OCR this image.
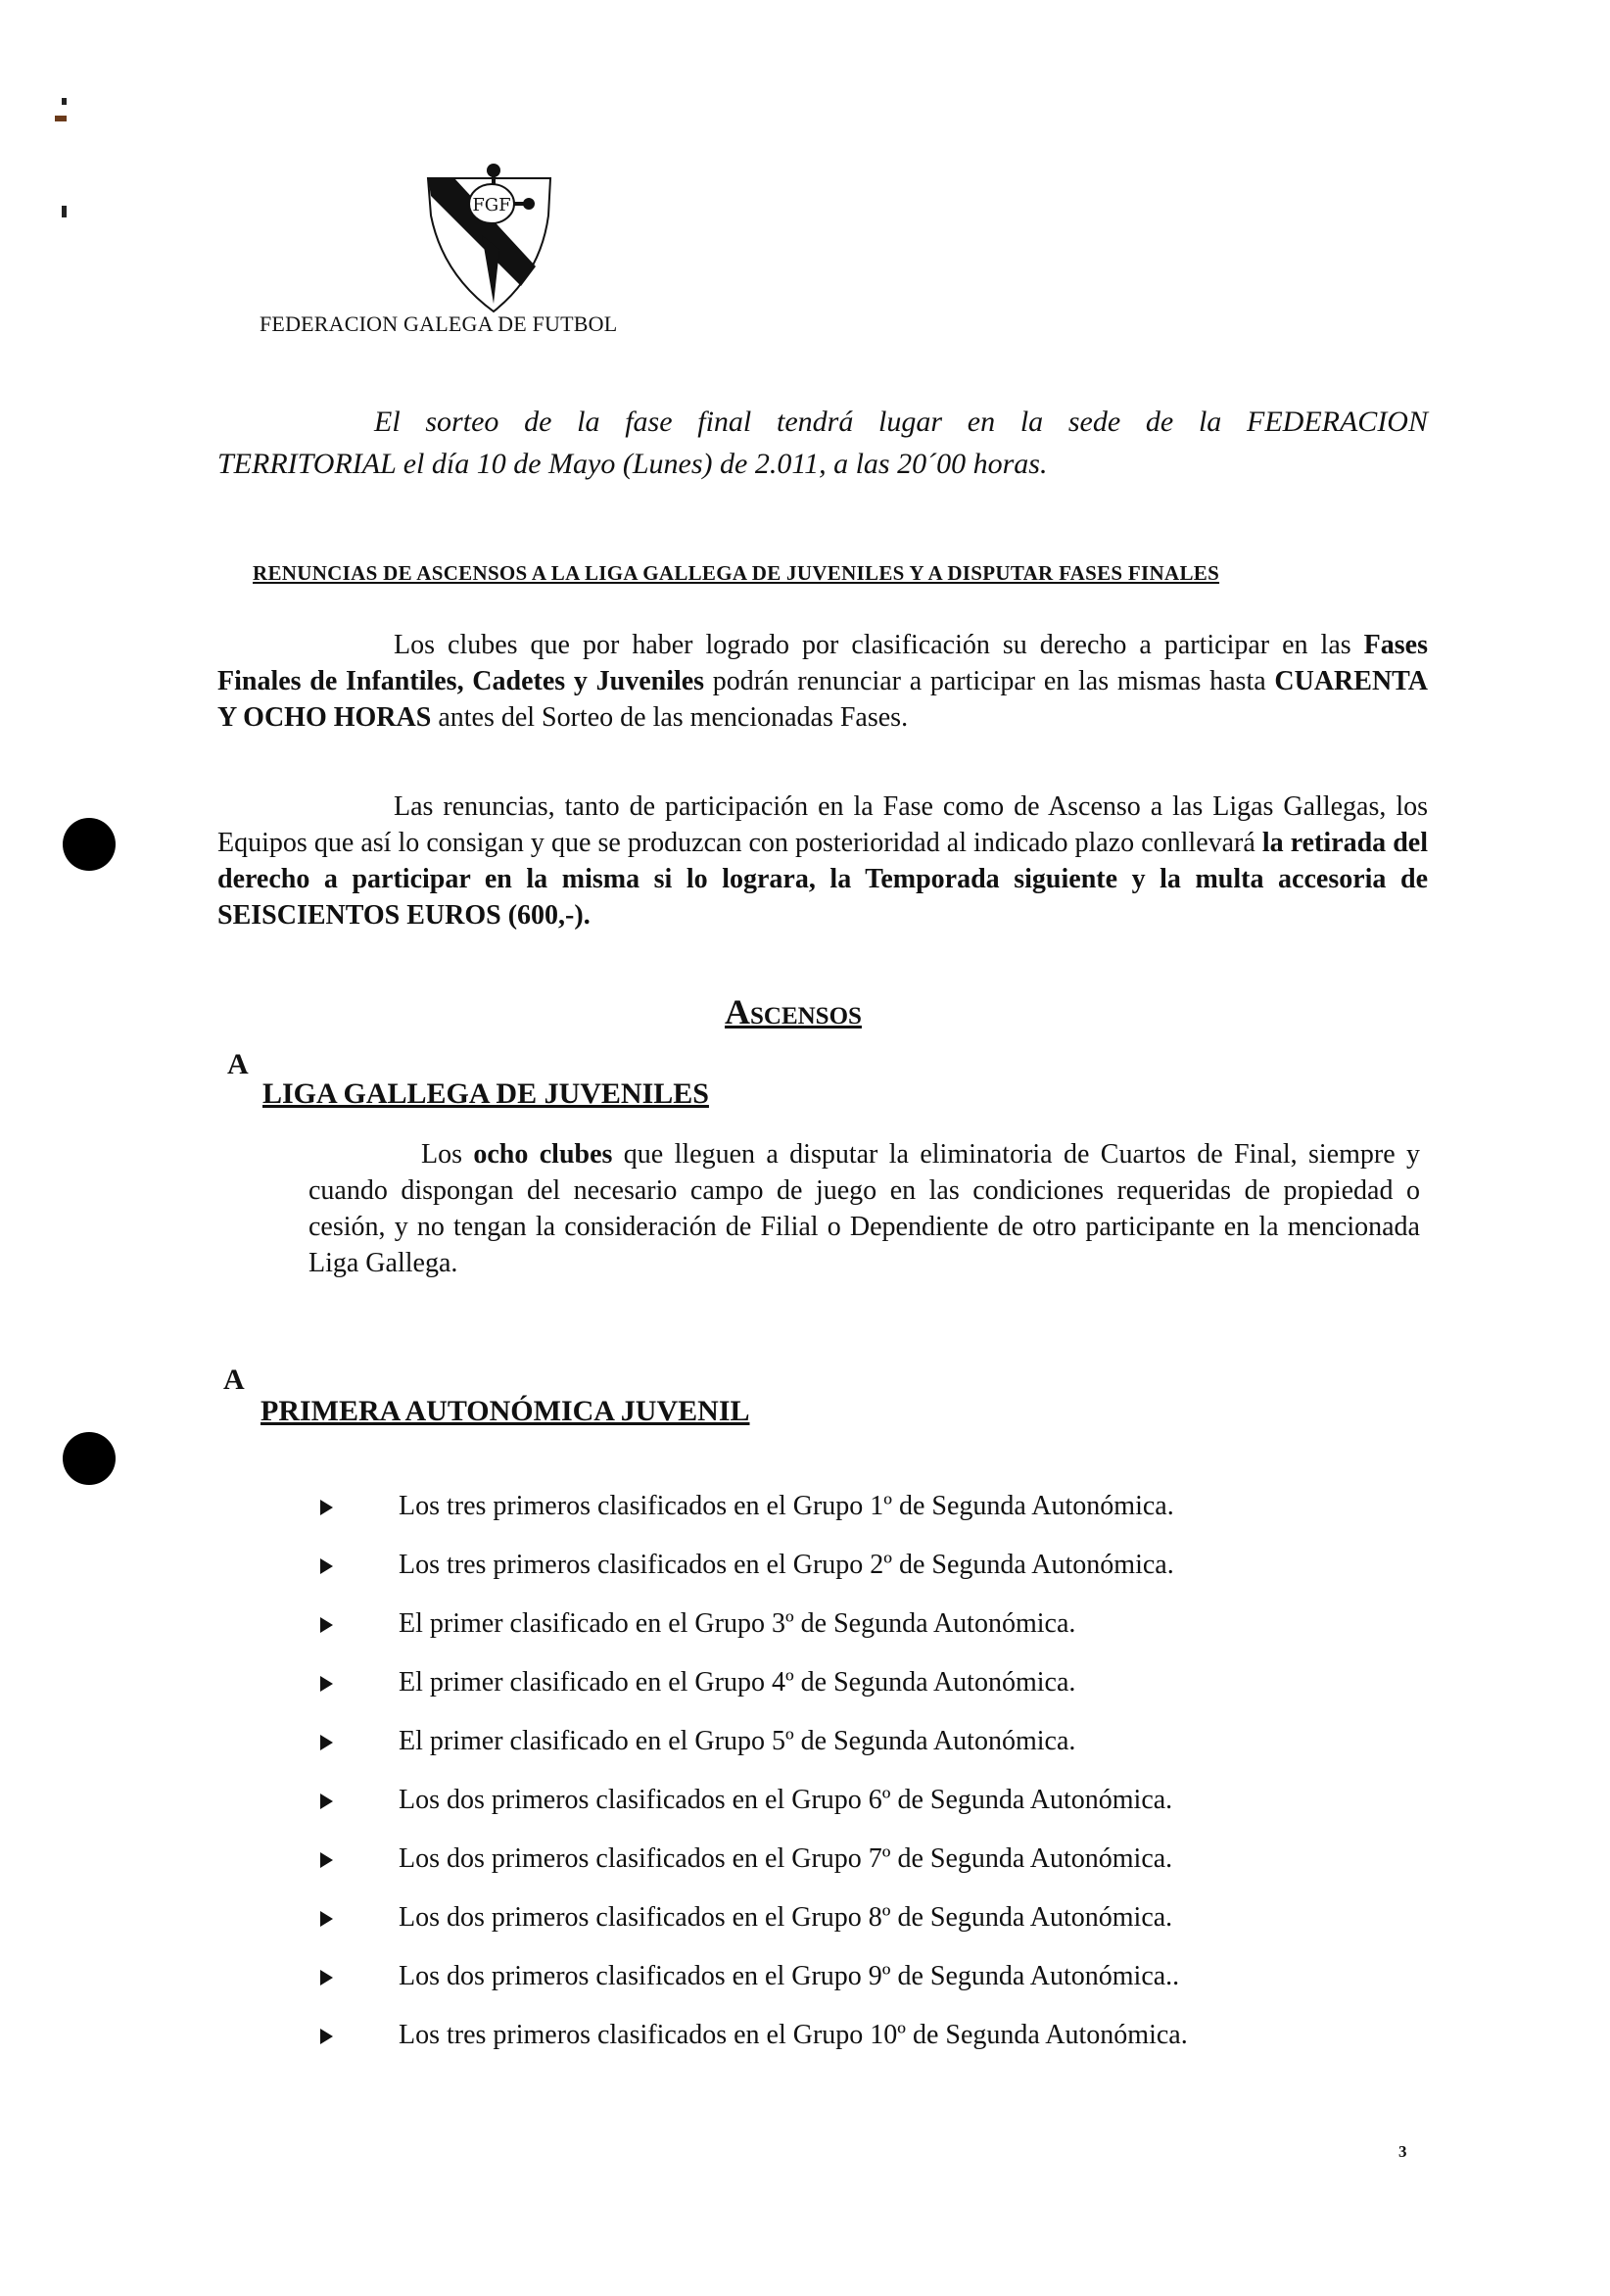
FGF
FEDERACION GALEGA DE FUTBOL
El sorteo de la fase final tendrá lugar en la sede de la FEDERACION
TERRITORIAL el día 10 de Mayo (Lunes) de 2.011, a las 20´00 horas.
RENUNCIAS DE ASCENSOS A LA LIGA GALLEGA DE JUVENILES Y A DISPUTAR FASES FINALES
Los clubes que por haber logrado por clasificación su derecho a participar en las Fases Finales de Infantiles, Cadetes y Juveniles podrán renunciar a participar en las mismas hasta CUARENTA Y OCHO HORAS antes del Sorteo de las mencionadas Fases.
Las renuncias, tanto de participación en la Fase como de Ascenso a las Ligas Gallegas, los Equipos que así lo consigan y que se produzcan con posterioridad al indicado plazo conllevará la retirada del derecho a participar en la misma si lo lograra, la Temporada siguiente y la multa accesoria de SEISCIENTOS EUROS (600,-).
Ascensos
A
LIGA GALLEGA DE JUVENILES
Los ocho clubes que lleguen a disputar la eliminatoria de Cuartos de Final, siempre y cuando dispongan del necesario campo de juego en las condiciones requeridas de propiedad o cesión, y no tengan la consideración de Filial o Dependiente de otro participante en la mencionada Liga Gallega.
A
PRIMERA AUTONÓMICA JUVENIL
Los tres primeros clasificados en el Grupo 1º de Segunda Autonómica.
Los tres primeros clasificados en el Grupo 2º de Segunda Autonómica.
El primer clasificado en el Grupo 3º de Segunda Autonómica.
El primer clasificado en el Grupo 4º de Segunda Autonómica.
El primer clasificado en el Grupo 5º de Segunda Autonómica.
Los dos primeros clasificados en el Grupo 6º de Segunda Autonómica.
Los dos primeros clasificados en el Grupo 7º de Segunda Autonómica.
Los dos primeros clasificados en el Grupo 8º de Segunda Autonómica.
Los dos primeros clasificados en el Grupo 9º de Segunda Autonómica..
Los tres primeros clasificados en el Grupo 10º de Segunda Autonómica.
3
